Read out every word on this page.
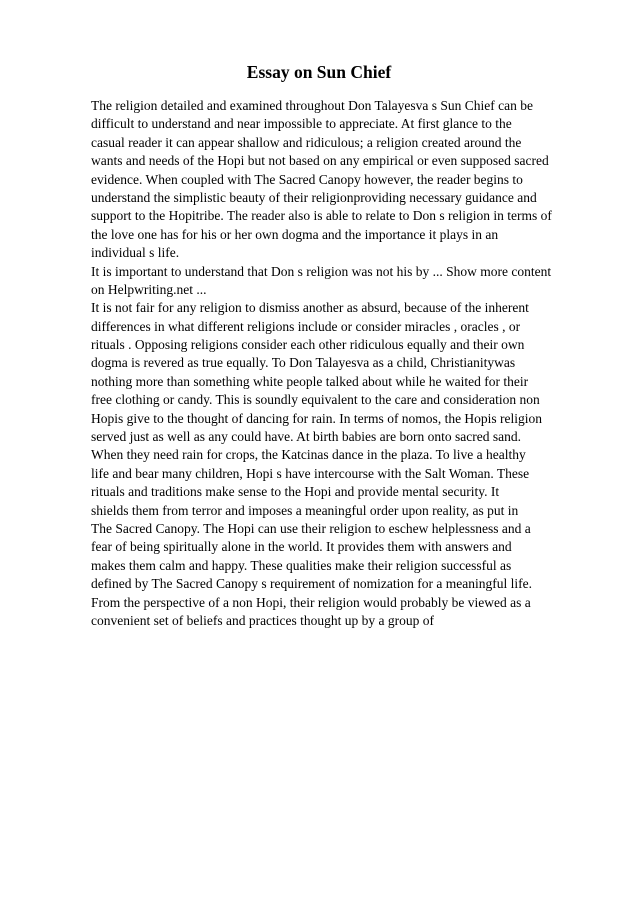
Essay on Sun Chief
The religion detailed and examined throughout Don Talayesva s Sun Chief can be
difficult to understand and near impossible to appreciate. At first glance to the
casual reader it can appear shallow and ridiculous; a religion created around the
wants and needs of the Hopi but not based on any empirical or even supposed sacred
evidence. When coupled with The Sacred Canopy however, the reader begins to
understand the simplistic beauty of their religionproviding necessary guidance and
support to the Hopitribe. The reader also is able to relate to Don s religion in terms of
the love one has for his or her own dogma and the importance it plays in an
individual s life.
It is important to understand that Don s religion was not his by ... Show more content
on Helpwriting.net ...
It is not fair for any religion to dismiss another as absurd, because of the inherent
differences in what different religions include or consider miracles , oracles , or
rituals . Opposing religions consider each other ridiculous equally and their own
dogma is revered as true equally. To Don Talayesva as a child, Christianitywas
nothing more than something white people talked about while he waited for their
free clothing or candy. This is soundly equivalent to the care and consideration non
Hopis give to the thought of dancing for rain. In terms of nomos, the Hopis religion
served just as well as any could have. At birth babies are born onto sacred sand.
When they need rain for crops, the Katcinas dance in the plaza. To live a healthy
life and bear many children, Hopi s have intercourse with the Salt Woman. These
rituals and traditions make sense to the Hopi and provide mental security. It
shields them from terror and imposes a meaningful order upon reality, as put in
The Sacred Canopy. The Hopi can use their religion to eschew helplessness and a
fear of being spiritually alone in the world. It provides them with answers and
makes them calm and happy. These qualities make their religion successful as
defined by The Sacred Canopy s requirement of nomization for a meaningful life.
From the perspective of a non Hopi, their religion would probably be viewed as a
convenient set of beliefs and practices thought up by a group of
